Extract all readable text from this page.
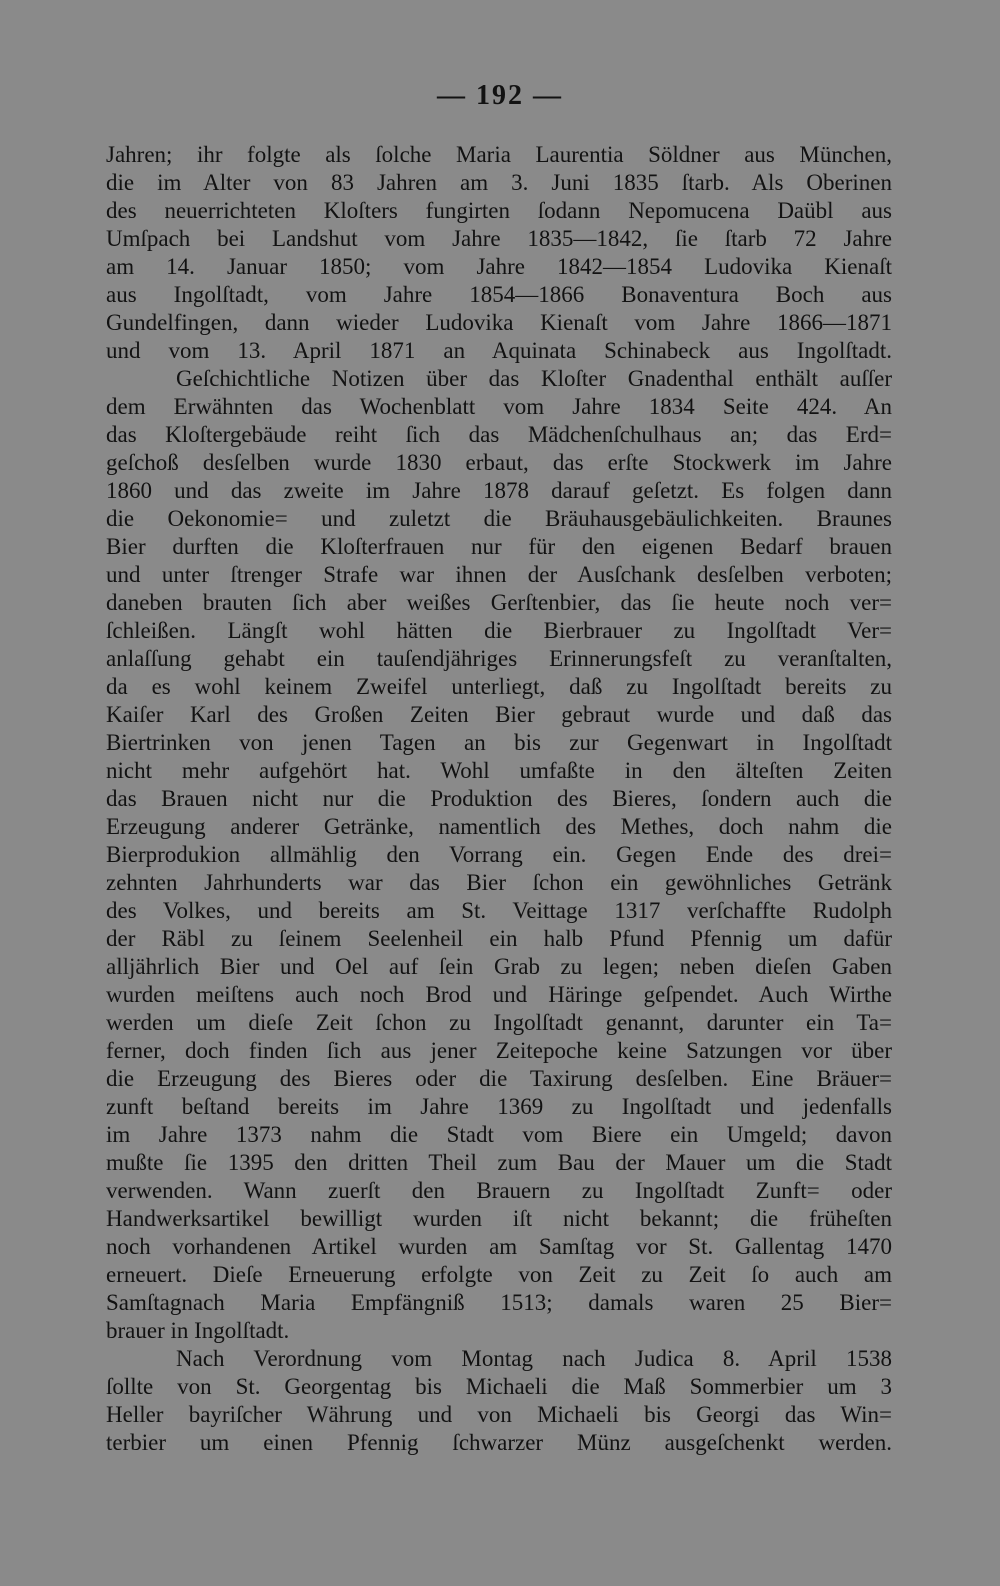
— 192 —
Jahren; ihr folgte als ſolche Maria Laurentia Söldner aus München,
die im Alter von 83 Jahren am 3. Juni 1835 ſtarb. Als Oberinen
des neuerrichteten Kloſters fungirten ſodann Nepomucena Daübl aus
Umſpach bei Landshut vom Jahre 1835—1842, ſie ſtarb 72 Jahre
am 14. Januar 1850; vom Jahre 1842—1854 Ludovika Kienaſt
aus Ingolſtadt, vom Jahre 1854—1866 Bonaventura Boch aus
Gundelfingen, dann wieder Ludovika Kienaſt vom Jahre 1866—1871
und vom 13. April 1871 an Aquinata Schinabeck aus Ingolſtadt.
Geſchichtliche Notizen über das Kloſter Gnadenthal enthält auſſer
dem Erwähnten das Wochenblatt vom Jahre 1834 Seite 424. An
das Kloſtergebäude reiht ſich das Mädchenſchulhaus an; das Erd=
geſchoß desſelben wurde 1830 erbaut, das erſte Stockwerk im Jahre
1860 und das zweite im Jahre 1878 darauf geſetzt. Es folgen dann
die Oekonomie= und zuletzt die Bräuhausgebäulichkeiten. Braunes
Bier durften die Kloſterfrauen nur für den eigenen Bedarf brauen
und unter ſtrenger Strafe war ihnen der Ausſchank desſelben verboten;
daneben brauten ſich aber weißes Gerſtenbier, das ſie heute noch ver=
ſchleißen. Längſt wohl hätten die Bierbrauer zu Ingolſtadt Ver=
anlaſſung gehabt ein tauſendjähriges Erinnerungsfeſt zu veranſtalten,
da es wohl keinem Zweifel unterliegt, daß zu Ingolſtadt bereits zu
Kaiſer Karl des Großen Zeiten Bier gebraut wurde und daß das
Biertrinken von jenen Tagen an bis zur Gegenwart in Ingolſtadt
nicht mehr aufgehört hat. Wohl umfaßte in den älteſten Zeiten
das Brauen nicht nur die Produktion des Bieres, ſondern auch die
Erzeugung anderer Getränke, namentlich des Methes, doch nahm die
Bierprodukion allmählig den Vorrang ein. Gegen Ende des drei=
zehnten Jahrhunderts war das Bier ſchon ein gewöhnliches Getränk
des Volkes, und bereits am St. Veittage 1317 verſchaffte Rudolph
der Räbl zu ſeinem Seelenheil ein halb Pfund Pfennig um dafür
alljährlich Bier und Oel auf ſein Grab zu legen; neben dieſen Gaben
wurden meiſtens auch noch Brod und Häringe geſpendet. Auch Wirthe
werden um dieſe Zeit ſchon zu Ingolſtadt genannt, darunter ein Ta=
ferner, doch finden ſich aus jener Zeitepoche keine Satzungen vor über
die Erzeugung des Bieres oder die Taxirung desſelben. Eine Bräuer=
zunft beſtand bereits im Jahre 1369 zu Ingolſtadt und jedenfalls
im Jahre 1373 nahm die Stadt vom Biere ein Umgeld; davon
mußte ſie 1395 den dritten Theil zum Bau der Mauer um die Stadt
verwenden. Wann zuerſt den Brauern zu Ingolſtadt Zunft= oder
Handwerksartikel bewilligt wurden iſt nicht bekannt; die früheſten
noch vorhandenen Artikel wurden am Samſtag vor St. Gallentag 1470
erneuert. Dieſe Erneuerung erfolgte von Zeit zu Zeit ſo auch am
Samſtagnach Maria Empfängniß 1513; damals waren 25 Bier=
brauer in Ingolſtadt.
Nach Verordnung vom Montag nach Judica 8. April 1538
ſollte von St. Georgentag bis Michaeli die Maß Sommerbier um 3
Heller bayriſcher Währung und von Michaeli bis Georgi das Win=
terbier um einen Pfennig ſchwarzer Münz ausgeſchenkt werden.
